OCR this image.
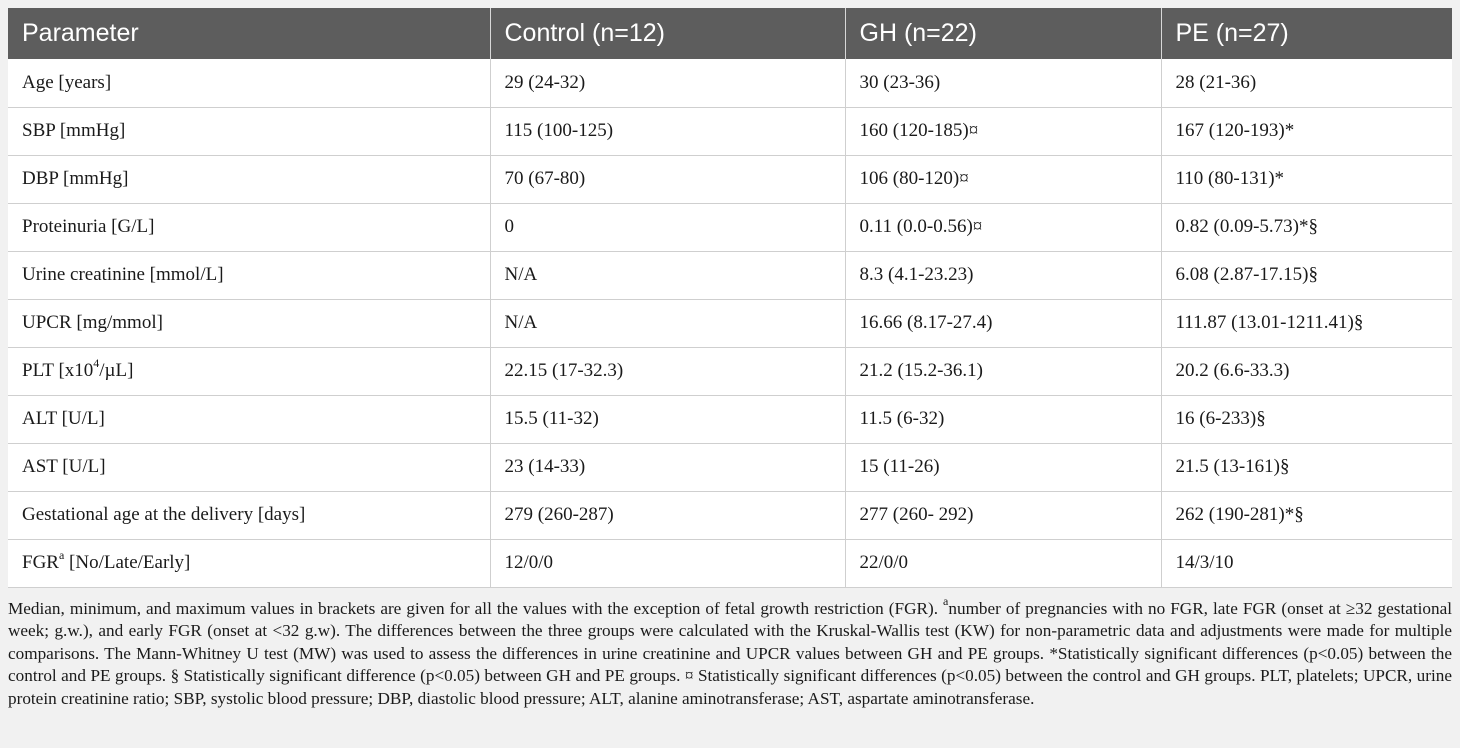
Parameter	Control (n=12)	GH (n=22)	PE (n=27)
Age [years]	29 (24-32)	30 (23-36)	28 (21-36)
SBP [mmHg]	115 (100-125)	160 (120-185)¤	167 (120-193)*
DBP [mmHg]	70 (67-80)	106 (80-120)¤	110 (80-131)*
Proteinuria [G/L]	0	0.11 (0.0-0.56)¤	0.82 (0.09-5.73)*§
Urine creatinine [mmol/L]	N/A	8.3 (4.1-23.23)	6.08 (2.87-17.15)§
UPCR [mg/mmol]	N/A	16.66 (8.17-27.4)	111.87 (13.01-1211.41)§
PLT $[x10^4/\mu L]$	22.15 (17-32.3)	21.2 (15.2-36.1)	20.2 (6.6-33.3)
ALT [U/L]	15.5 (11-32)	11.5 (6-32)	16 (6-233)§
AST [U/L]	23 (14-33)	15 (11-26)	21.5 (13-161)§
Gestational age at the delivery [days]	279 (260-287)	277 (260- 292)	262 (190-281)*§
FGR$^a$ [No/Late/Early]	12/0/0	22/0/0	14/3/10
Median, minimum, and maximum values in brackets are given for all the values with the exception of fetal growth restriction (FGR). $^a$number of pregnancies with no FGR, late FGR (onset at ≥32 gestational week; g.w.), and early FGR (onset at <32 g.w). The differences between the three groups were calculated with the Kruskal-Wallis test (KW) for non-parametric data and adjustments were made for multiple comparisons. The Mann-Whitney U test (MW) was used to assess the differences in urine creatinine and UPCR values between GH and PE groups. *Statistically significant differences (p<0.05) between the control and PE groups. § Statistically significant difference (p<0.05) between GH and PE groups. ¤ Statistically significant differences (p<0.05) between the control and GH groups. PLT, platelets; UPCR, urine protein creatinine ratio; SBP, systolic blood pressure; DBP, diastolic blood pressure; ALT, alanine aminotransferase; AST, aspartate aminotransferase.
